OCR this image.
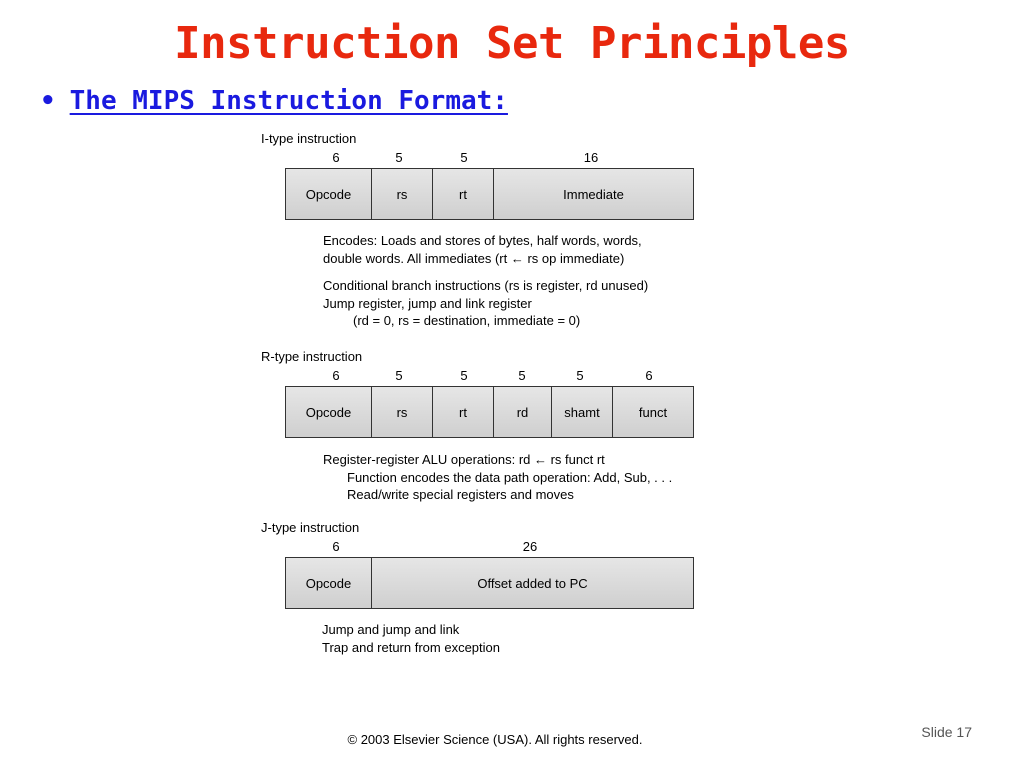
Instruction Set Principles
• The MIPS Instruction Format:
I-type instruction
6	5	5	16
Opcode	rs	rt	Immediate
Encodes: Loads and stores of bytes, half words, words,
double words. All immediates (rt ← rs op immediate)
Conditional branch instructions (rs is register, rd unused)
Jump register, jump and link register
(rd = 0, rs = destination, immediate = 0)
R-type instruction
6	5	5	5	5	6
Opcode	rs	rt	rd	shamt	funct
Register-register ALU operations: rd ← rs funct rt
Function encodes the data path operation: Add, Sub, . . .
Read/write special registers and moves
J-type instruction
6	26
Opcode	Offset added to PC
Jump and jump and link
Trap and return from exception
© 2003 Elsevier Science (USA). All rights reserved.	Slide 17
